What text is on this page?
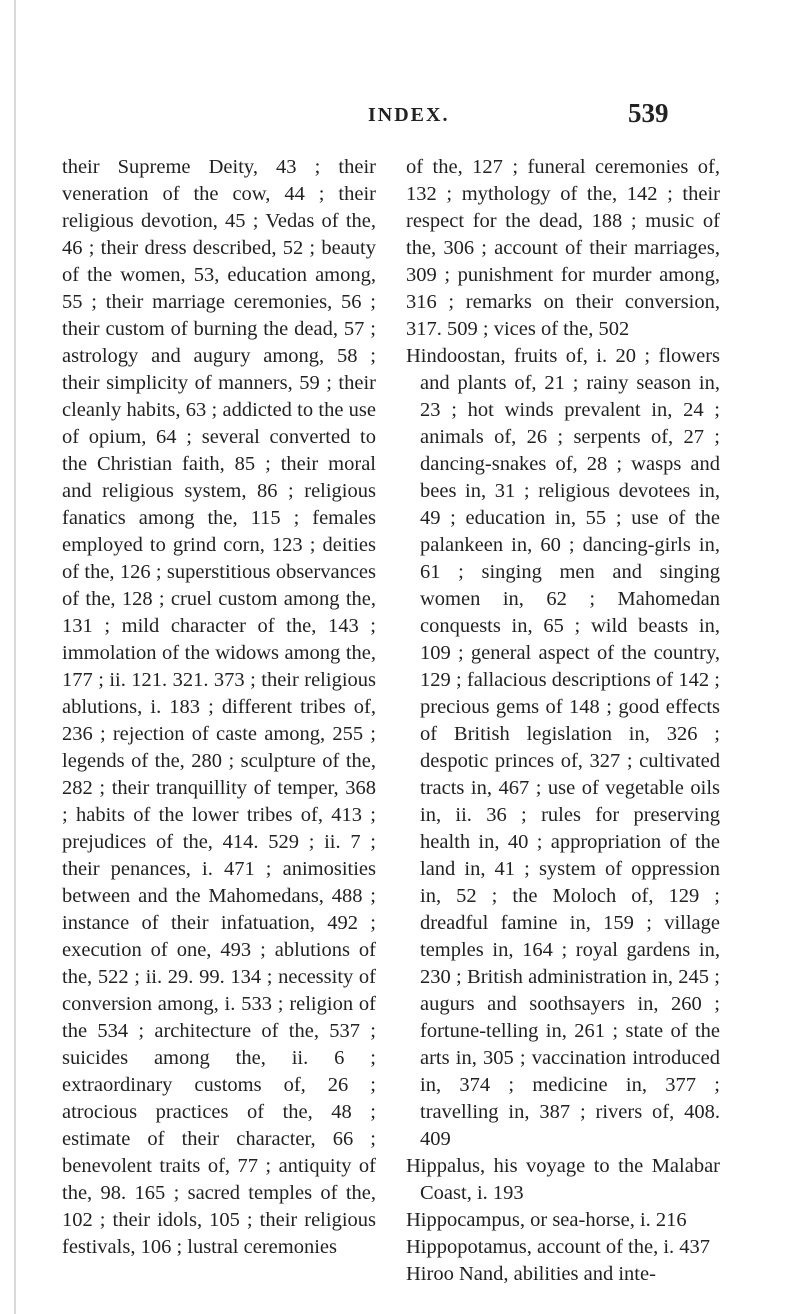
INDEX.	539

their Supreme Deity, 43 ; their veneration of the cow, 44 ; their religious devotion, 45 ; Vedas of the, 46 ; their dress described, 52 ; beauty of the women, 53, education among, 55 ; their marriage ceremonies, 56 ; their custom of burning the dead, 57 ; astrology and augury among, 58 ; their simplicity of manners, 59 ; their cleanly habits, 63 ; addicted to the use of opium, 64 ; several converted to the Christian faith, 85 ; their moral and religious system, 86 ; religious fanatics among the, 115 ; females employed to grind corn, 123 ; deities of the, 126 ; superstitious observances of the, 128 ; cruel custom among the, 131 ; mild character of the, 143 ; immolation of the widows among the, 177 ; ii. 121. 321. 373 ; their religious ablutions, i. 183 ; different tribes of, 236 ; rejection of caste among, 255 ; legends of the, 280 ; sculpture of the, 282 ; their tranquillity of temper, 368 ; habits of the lower tribes of, 413 ; prejudices of the, 414. 529 ; ii. 7 ; their penances, i. 471 ; animosities between and the Mahomedans, 488 ; instance of their infatuation, 492 ; execution of one, 493 ; ablutions of the, 522 ; ii. 29. 99. 134 ; necessity of conversion among, i. 533 ; religion of the 534 ; architecture of the, 537 ; suicides among the, ii. 6 ; extraordinary customs of, 26 ; atrocious practices of the, 48 ; estimate of their character, 66 ; benevolent traits of, 77 ; antiquity of the, 98. 165 ; sacred temples of the, 102 ; their idols, 105 ; their religious festivals, 106 ; lustral ceremonies

of the, 127 ; funeral ceremonies of, 132 ; mythology of the, 142 ; their respect for the dead, 188 ; music of the, 306 ; account of their marriages, 309 ; punishment for murder among, 316 ; remarks on their conversion, 317. 509 ; vices of the, 502

Hindoostan, fruits of, i. 20 ; flowers and plants of, 21 ; rainy season in, 23 ; hot winds prevalent in, 24 ; animals of, 26 ; serpents of, 27 ; dancing-snakes of, 28 ; wasps and bees in, 31 ; religious devotees in, 49 ; education in, 55 ; use of the palankeen in, 60 ; dancing-girls in, 61 ; singing men and singing women in, 62 ; Mahomedan conquests in, 65 ; wild beasts in, 109 ; general aspect of the country, 129 ; fallacious descriptions of 142 ; precious gems of 148 ; good effects of British legislation in, 326 ; despotic princes of, 327 ; cultivated tracts in, 467 ; use of vegetable oils in, ii. 36 ; rules for preserving health in, 40 ; appropriation of the land in, 41 ; system of oppression in, 52 ; the Moloch of, 129 ; dreadful famine in, 159 ; village temples in, 164 ; royal gardens in, 230 ; British administration in, 245 ; augurs and soothsayers in, 260 ; fortune-telling in, 261 ; state of the arts in, 305 ; vaccination introduced in, 374 ; medicine in, 377 ; travelling in, 387 ; rivers of, 408. 409

Hippalus, his voyage to the Malabar Coast, i. 193

Hippocampus, or sea-horse, i. 216

Hippopotamus, account of the, i. 437

Hiroo Nand, abilities and inte-
